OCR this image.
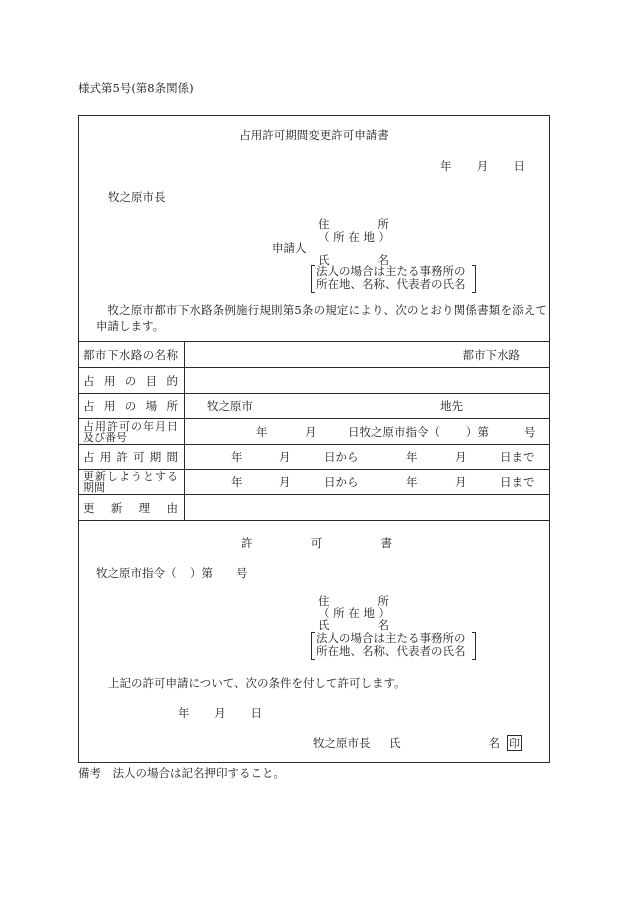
様式第5号(第8条関係)
占用許可期間変更許可申請書
年 月 日
牧之原市長
住	所
（ 所 在 地 ）
申請人
氏	名
法人の場合は主たる事務所の
所在地、名称、代表者の氏名
牧之原市都市下水路条例施行規則第5条の規定により、次のとおり関係書類を添えて申請します。
都 市 下 水 路 の 名 称	都市下水路
占 用 の 目 的
占 用 の 場 所	牧之原市	地先
占 用 許 可 の 年 月 日
及び番号	年	月	日牧之原市指令（ ）第	号
占 用 許 可 期 間	年	月	日から	年	月	日まで
更 新 し よ う と す る
期間	年	月	日から	年	月	日まで
更 新 理 由
許	可	書
牧之原市指令（ ）第 号
住	所
（ 所 在 地 ）
氏	名
法人の場合は主たる事務所の
所在地、名称、代表者の氏名
上記の許可申請について、次の条件を付して許可します。
年 月 日
牧之原市長 氏	名 印
備考　法人の場合は記名押印すること。
